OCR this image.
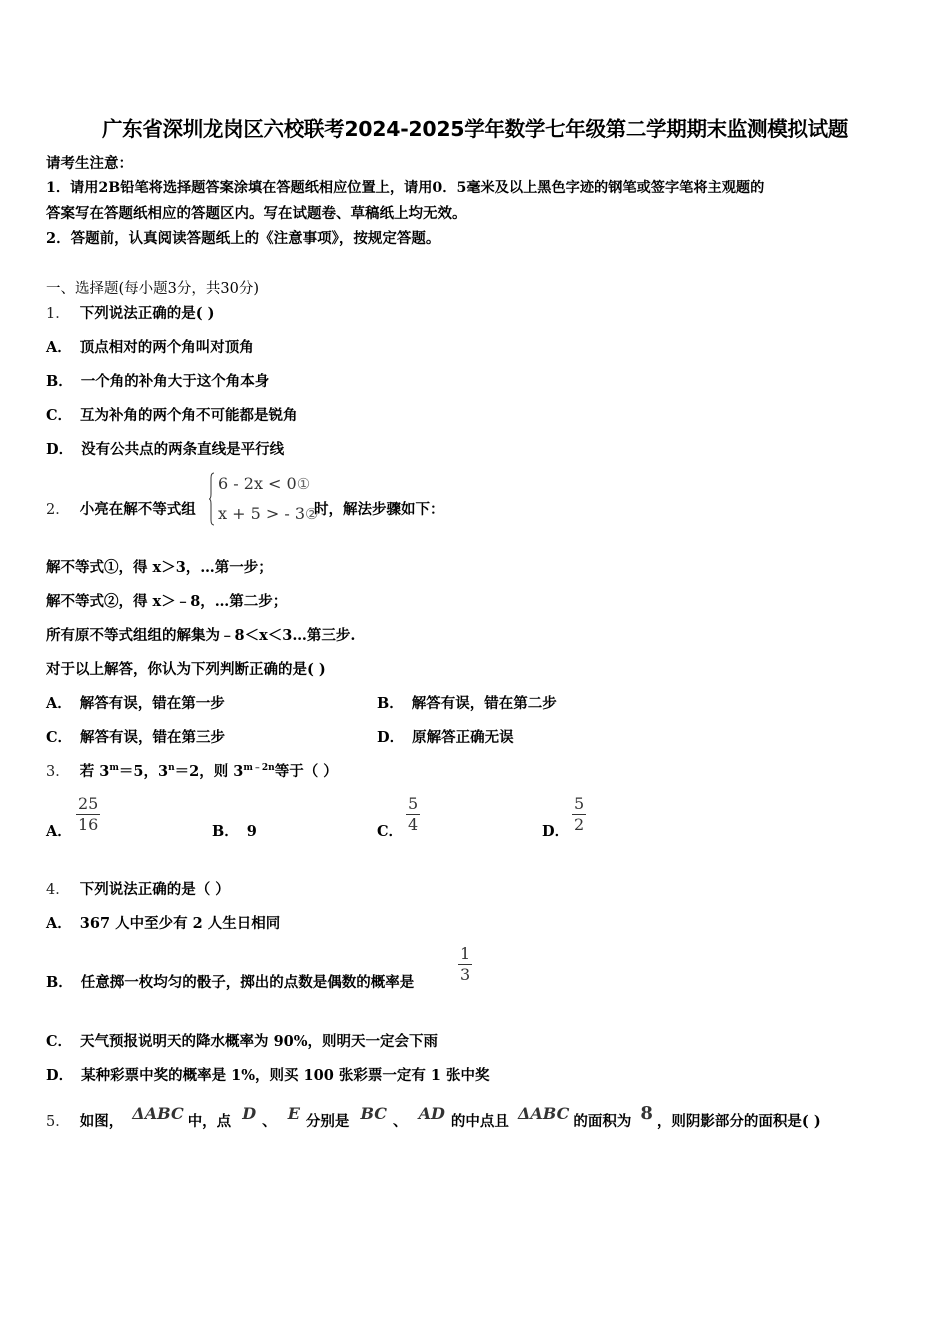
广东省深圳龙岗区六校联考2024-2025学年数学七年级第二学期期末监测模拟试题
请考生注意：
1．请用2B铅笔将选择题答案涂填在答题纸相应位置上，请用0．5毫米及以上黑色字迹的钢笔或签字笔将主观题的
答案写在答题纸相应的答题区内。写在试题卷、草稿纸上均无效。
2．答题前，认真阅读答题纸上的《注意事项》，按规定答题。
一、选择题(每小题3分，共30分)
1． 下列说法正确的是( )
A． 顶点相对的两个角叫对顶角
B． 一个角的补角大于这个角本身
C． 互为补角的两个角不可能都是锐角
D． 没有公共点的两条直线是平行线
2． 小亮在解不等式组
6 - 2x < 0①
x + 5 > - 3②
时，解法步骤如下：
解不等式①，得 x＞3，…第一步；
解不等式②，得 x＞﹣8，…第二步；
所有原不等式组组的解集为﹣8＜x＜3…第三步.
对于以上解答，你认为下列判断正确的是( )
A． 解答有误，错在第一步	B． 解答有误，错在第二步
C． 解答有误，错在第三步	D． 原解答正确无误
3． 若 $3^m=5$，$3^n=2$，则 $3^{m﹣2n}$等于（ ）
A．
25
16	B． 9	C．
5
4	D．
5
2
4． 下列说法正确的是（ ）
A． 367 人中至少有 2 人生日相同
B． 任意掷一枚均匀的骰子，掷出的点数是偶数的概率是
1
3
C． 天气预报说明天的降水概率为 90%，则明天一定会下雨
D． 某种彩票中奖的概率是 1%，则买 100 张彩票一定有 1 张中奖
5． 如图， ΔABC 中，点 D 、 E 分别是 BC 、 AD 的中点且 ΔABC 的面积为 8 ，则阴影部分的面积是( )
